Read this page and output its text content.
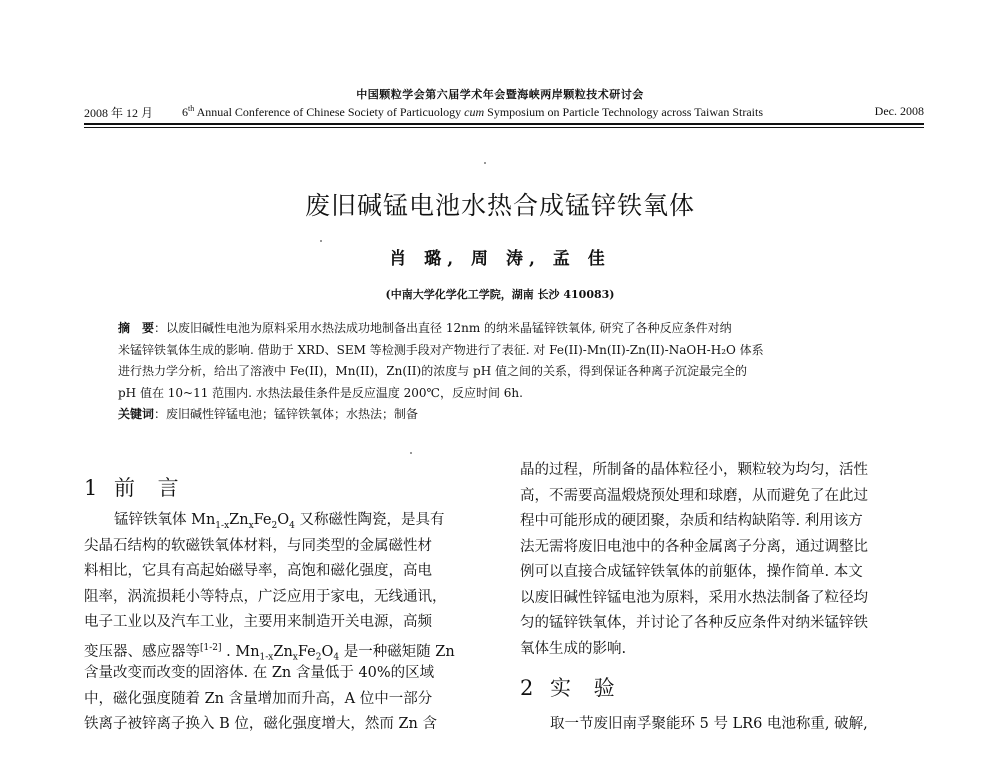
中国颗粒学会第六届学术年会暨海峡两岸颗粒技术研讨会
2008 年 12 月 6th Annual Conference of Chinese Society of Particuology cum Symposium on Particle Technology across Taiwan Straits	Dec. 2008
废旧碱锰电池水热合成锰锌铁氧体
肖 璐, 周 涛, 孟 佳
(中南大学化学化工学院，湖南 长沙 410083)
摘　要：以废旧碱性电池为原料采用水热法成功地制备出直径 12nm 的纳米晶锰锌铁氧体, 研究了各种反应条件对纳
米锰锌铁氧体生成的影响. 借助于 XRD、SEM 等检测手段对产物进行了表征. 对 Fe(II)-Mn(II)-Zn(II)-NaOH-H₂O 体系
进行热力学分析，给出了溶液中 Fe(II)，Mn(II)，Zn(II)的浓度与 pH 值之间的关系，得到保证各种离子沉淀最完全的
pH 值在 10~11 范围内. 水热法最佳条件是反应温度 200℃，反应时间 6h.
关键词：废旧碱性锌锰电池；锰锌铁氧体；水热法；制备
1 前 言
锰锌铁氧体 $Mn_{1-x}Zn_xFe_2O_4$ 又称磁性陶瓷，是具有
尖晶石结构的软磁铁氧体材料，与同类型的金属磁性材
料相比，它具有高起始磁导率，高饱和磁化强度，高电
阻率，涡流损耗小等特点，广泛应用于家电，无线通讯，
电子工业以及汽车工业，主要用来制造开关电源，高频
变压器、感应器等[1-2] . $Mn_{1-x}Zn_xFe_2O_4$ 是一种磁矩随 Zn
含量改变而改变的固溶体. 在 Zn 含量低于 40%的区域
中，磁化强度随着 Zn 含量增加而升高，A 位中一部分
铁离子被锌离子换入 B 位，磁化强度增大，然而 Zn 含
晶的过程，所制备的晶体粒径小，颗粒较为均匀，活性
高，不需要高温煅烧预处理和球磨，从而避免了在此过
程中可能形成的硬团聚，杂质和结构缺陷等. 利用该方
法无需将废旧电池中的各种金属离子分离，通过调整比
例可以直接合成锰锌铁氧体的前躯体，操作简单. 本文
以废旧碱性锌锰电池为原料，采用水热法制备了粒径均
匀的锰锌铁氧体，并讨论了各种反应条件对纳米锰锌铁
氧体生成的影响.
2 实 验
取一节废旧南孚聚能环 5 号 LR6 电池称重, 破解,
